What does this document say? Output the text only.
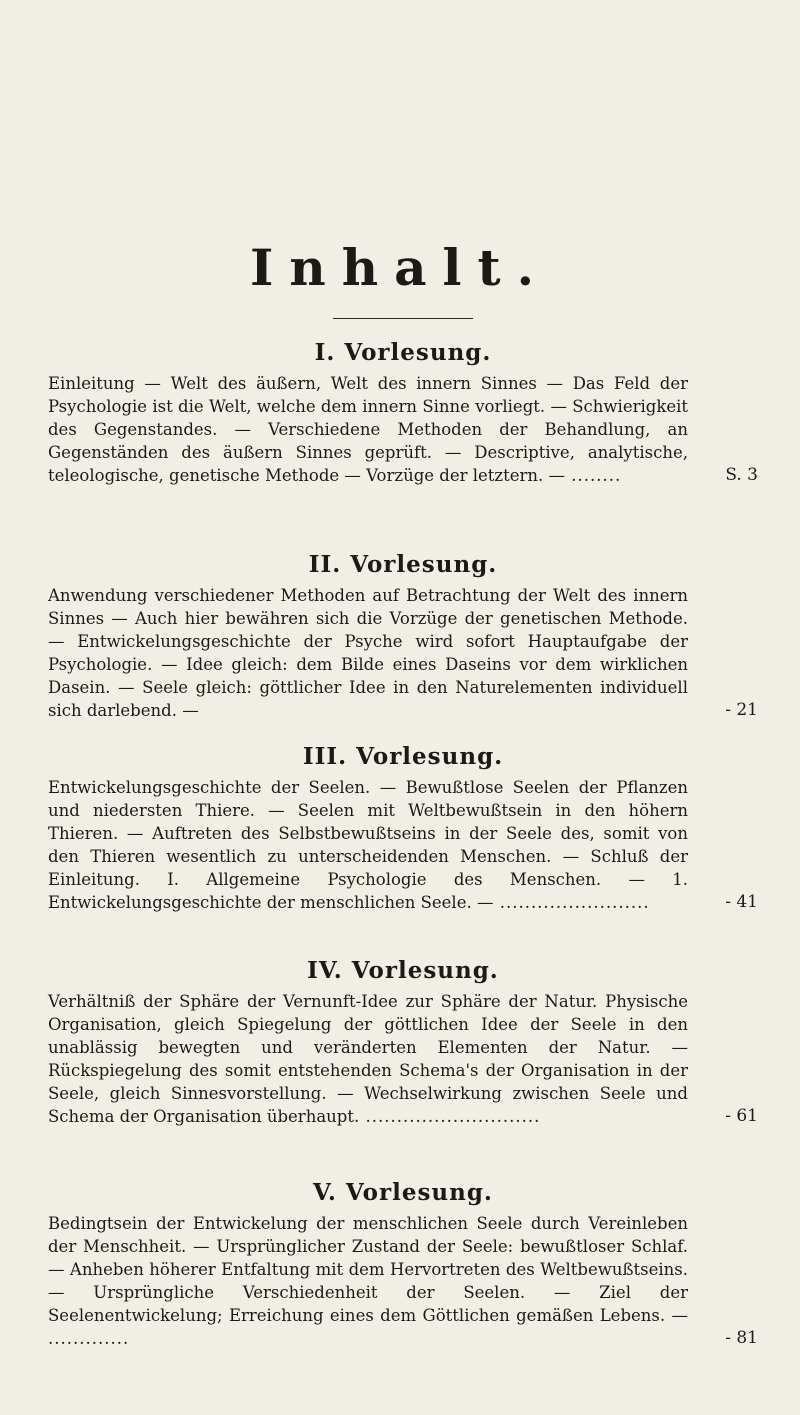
Inhalt.
I. Vorlesung.
Einleitung — Welt des äußern, Welt des innern Sinnes — Das Feld der Psychologie ist die Welt, welche dem innern Sinne vorliegt. — Schwierigkeit des Gegenstandes. — Verschiedene Methoden der Behandlung, an Gegenständen des äußern Sinnes geprüft. — Descriptive, analytische, teleologische, genetische Methode — Vorzüge der letztern. — ........	S. 3
II. Vorlesung.
Anwendung verschiedener Methoden auf Betrachtung der Welt des innern Sinnes — Auch hier bewähren sich die Vorzüge der genetischen Methode. — Entwickelungsgeschichte der Psyche wird sofort Hauptaufgabe der Psychologie. — Idee gleich: dem Bilde eines Daseins vor dem wirklichen Dasein. — Seele gleich: göttlicher Idee in den Naturelementen individuell sich darlebend. —	- 21
III. Vorlesung.
Entwickelungsgeschichte der Seelen. — Bewußtlose Seelen der Pflanzen und niedersten Thiere. — Seelen mit Weltbewußtsein in den höhern Thieren. — Auftreten des Selbstbewußtseins in der Seele des, somit von den Thieren wesentlich zu unterscheidenden Menschen. — Schluß der Einleitung. I. Allgemeine Psychologie des Menschen. — 1. Entwickelungsgeschichte der menschlichen Seele. — ........................	- 41
IV. Vorlesung.
Verhältniß der Sphäre der Vernunft-Idee zur Sphäre der Natur. Physische Organisation, gleich Spiegelung der göttlichen Idee der Seele in den unablässig bewegten und veränderten Elementen der Natur. — Rückspiegelung des somit entstehenden Schema's der Organisation in der Seele, gleich Sinnesvorstellung. — Wechselwirkung zwischen Seele und Schema der Organisation überhaupt. ............................	- 61
V. Vorlesung.
Bedingtsein der Entwickelung der menschlichen Seele durch Vereinleben der Menschheit. — Ursprünglicher Zustand der Seele: bewußtloser Schlaf. — Anheben höherer Entfaltung mit dem Hervortreten des Weltbewußtseins. — Ursprüngliche Verschiedenheit der Seelen. — Ziel der Seelenentwickelung; Erreichung eines dem Göttlichen gemäßen Lebens. — .............	- 81
